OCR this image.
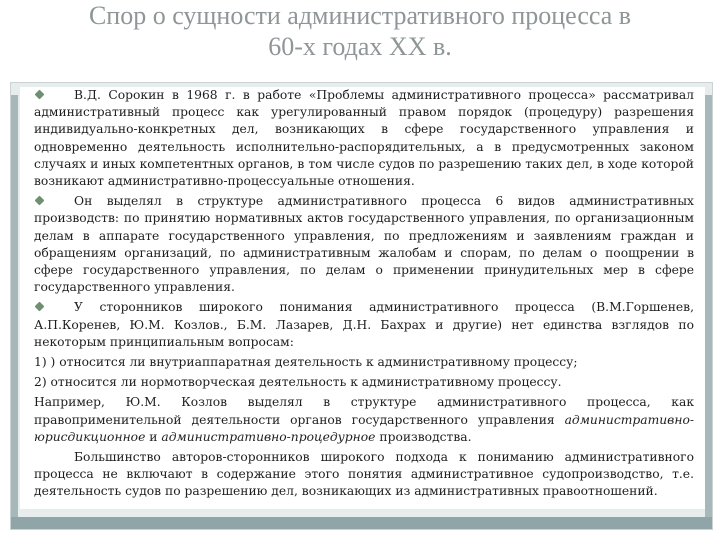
Спор о сущности административного процесса в
60-х годах XX в.

В.Д. Сорокин в 1968 г. в работе «Проблемы административного процесса» рассматривал административный процесс как урегулированный правом порядок (процедуру) разрешения индивидуально-конкретных дел, возникающих в сфере государственного управления и одновременно деятельность исполнительно-распорядительных, а в предусмотренных законом случаях и иных компетентных органов, в том числе судов по разрешению таких дел, в ходе которой возникают административно-процессуальные отношения.

Он выделял в структуре административного процесса 6 видов административных производств: по принятию нормативных актов государственного управления, по организационным делам в аппарате государственного управления, по предложениям и заявлениям граждан и обращениям организаций, по административным жалобам и спорам, по делам о поощрении в сфере государственного управления, по делам о применении принудительных мер в сфере государственного управления.

У сторонников широкого понимания административного процесса (В.М.Горшенев, А.П.Коренев, Ю.М. Козлов., Б.М. Лазарев, Д.Н. Бахрах и другие) нет единства взглядов по некоторым принципиальным вопросам:

1) ) относится ли внутриаппаратная деятельность к административному процессу;

2) относится ли нормотворческая деятельность к административному процессу.

Например, Ю.М. Козлов выделял в структуре административного процесса, как правоприменительной деятельности органов государственного управления административно-юрисдикционное и административно-процедурное производства.

Большинство авторов-сторонников широкого подхода к пониманию административного процесса не включают в содержание этого понятия административное судопроизводство, т.е. деятельность судов по разрешению дел, возникающих из административных правоотношений.
